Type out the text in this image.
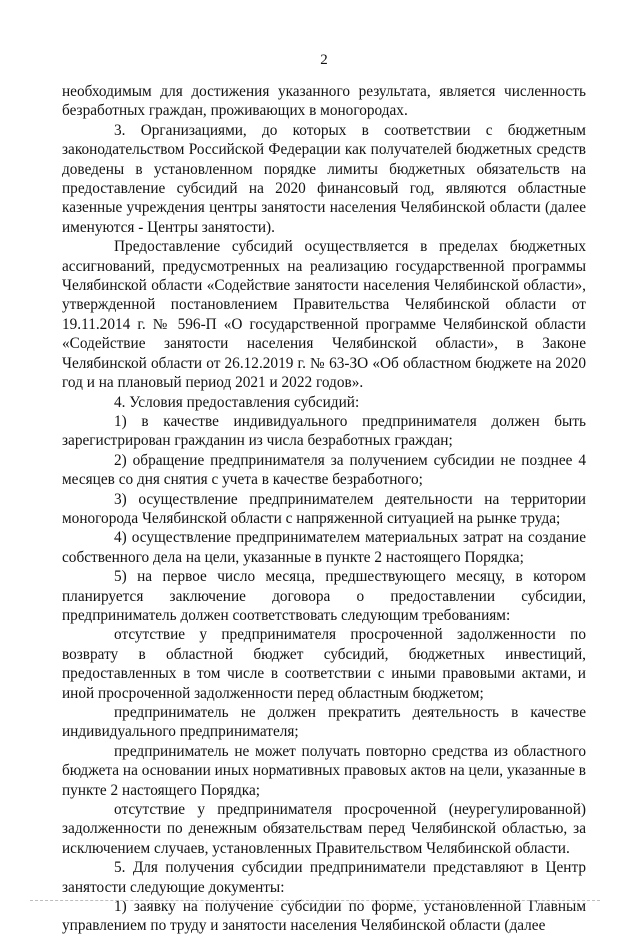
2

необходимым для достижения указанного результата, является численность безработных граждан, проживающих в моногородах.

3. Организациями, до которых в соответствии с бюджетным законодательством Российской Федерации как получателей бюджетных средств доведены в установленном порядке лимиты бюджетных обязательств на предоставление субсидий на 2020 финансовый год, являются областные казенные учреждения центры занятости населения Челябинской области (далее именуются - Центры занятости).

Предоставление субсидий осуществляется в пределах бюджетных ассигнований, предусмотренных на реализацию государственной программы Челябинской области «Содействие занятости населения Челябинской области», утвержденной постановлением Правительства Челябинской области от 19.11.2014 г. № 596-П «О государственной программе Челябинской области «Содействие занятости населения Челябинской области», в Законе Челябинской области от 26.12.2019 г. № 63-ЗО «Об областном бюджете на 2020 год и на плановый период 2021 и 2022 годов».

4. Условия предоставления субсидий:

1) в качестве индивидуального предпринимателя должен быть зарегистрирован гражданин из числа безработных граждан;

2) обращение предпринимателя за получением субсидии не позднее 4 месяцев со дня снятия с учета в качестве безработного;

3) осуществление предпринимателем деятельности на территории моногорода Челябинской области с напряженной ситуацией на рынке труда;

4) осуществление предпринимателем материальных затрат на создание собственного дела на цели, указанные в пункте 2 настоящего Порядка;

5) на первое число месяца, предшествующего месяцу, в котором планируется заключение договора о предоставлении субсидии, предприниматель должен соответствовать следующим требованиям:

отсутствие у предпринимателя просроченной задолженности по возврату в областной бюджет субсидий, бюджетных инвестиций, предоставленных в том числе в соответствии с иными правовыми актами, и иной просроченной задолженности перед областным бюджетом;

предприниматель не должен прекратить деятельность в качестве индивидуального предпринимателя;

предприниматель не может получать повторно средства из областного бюджета на основании иных нормативных правовых актов на цели, указанные в пункте 2 настоящего Порядка;

отсутствие у предпринимателя просроченной (неурегулированной) задолженности по денежным обязательствам перед Челябинской областью, за исключением случаев, установленных Правительством Челябинской области.

5. Для получения субсидии предприниматели представляют в Центр занятости следующие документы:

1) заявку на получение субсидии по форме, установленной Главным управлением по труду и занятости населения Челябинской области (далее
